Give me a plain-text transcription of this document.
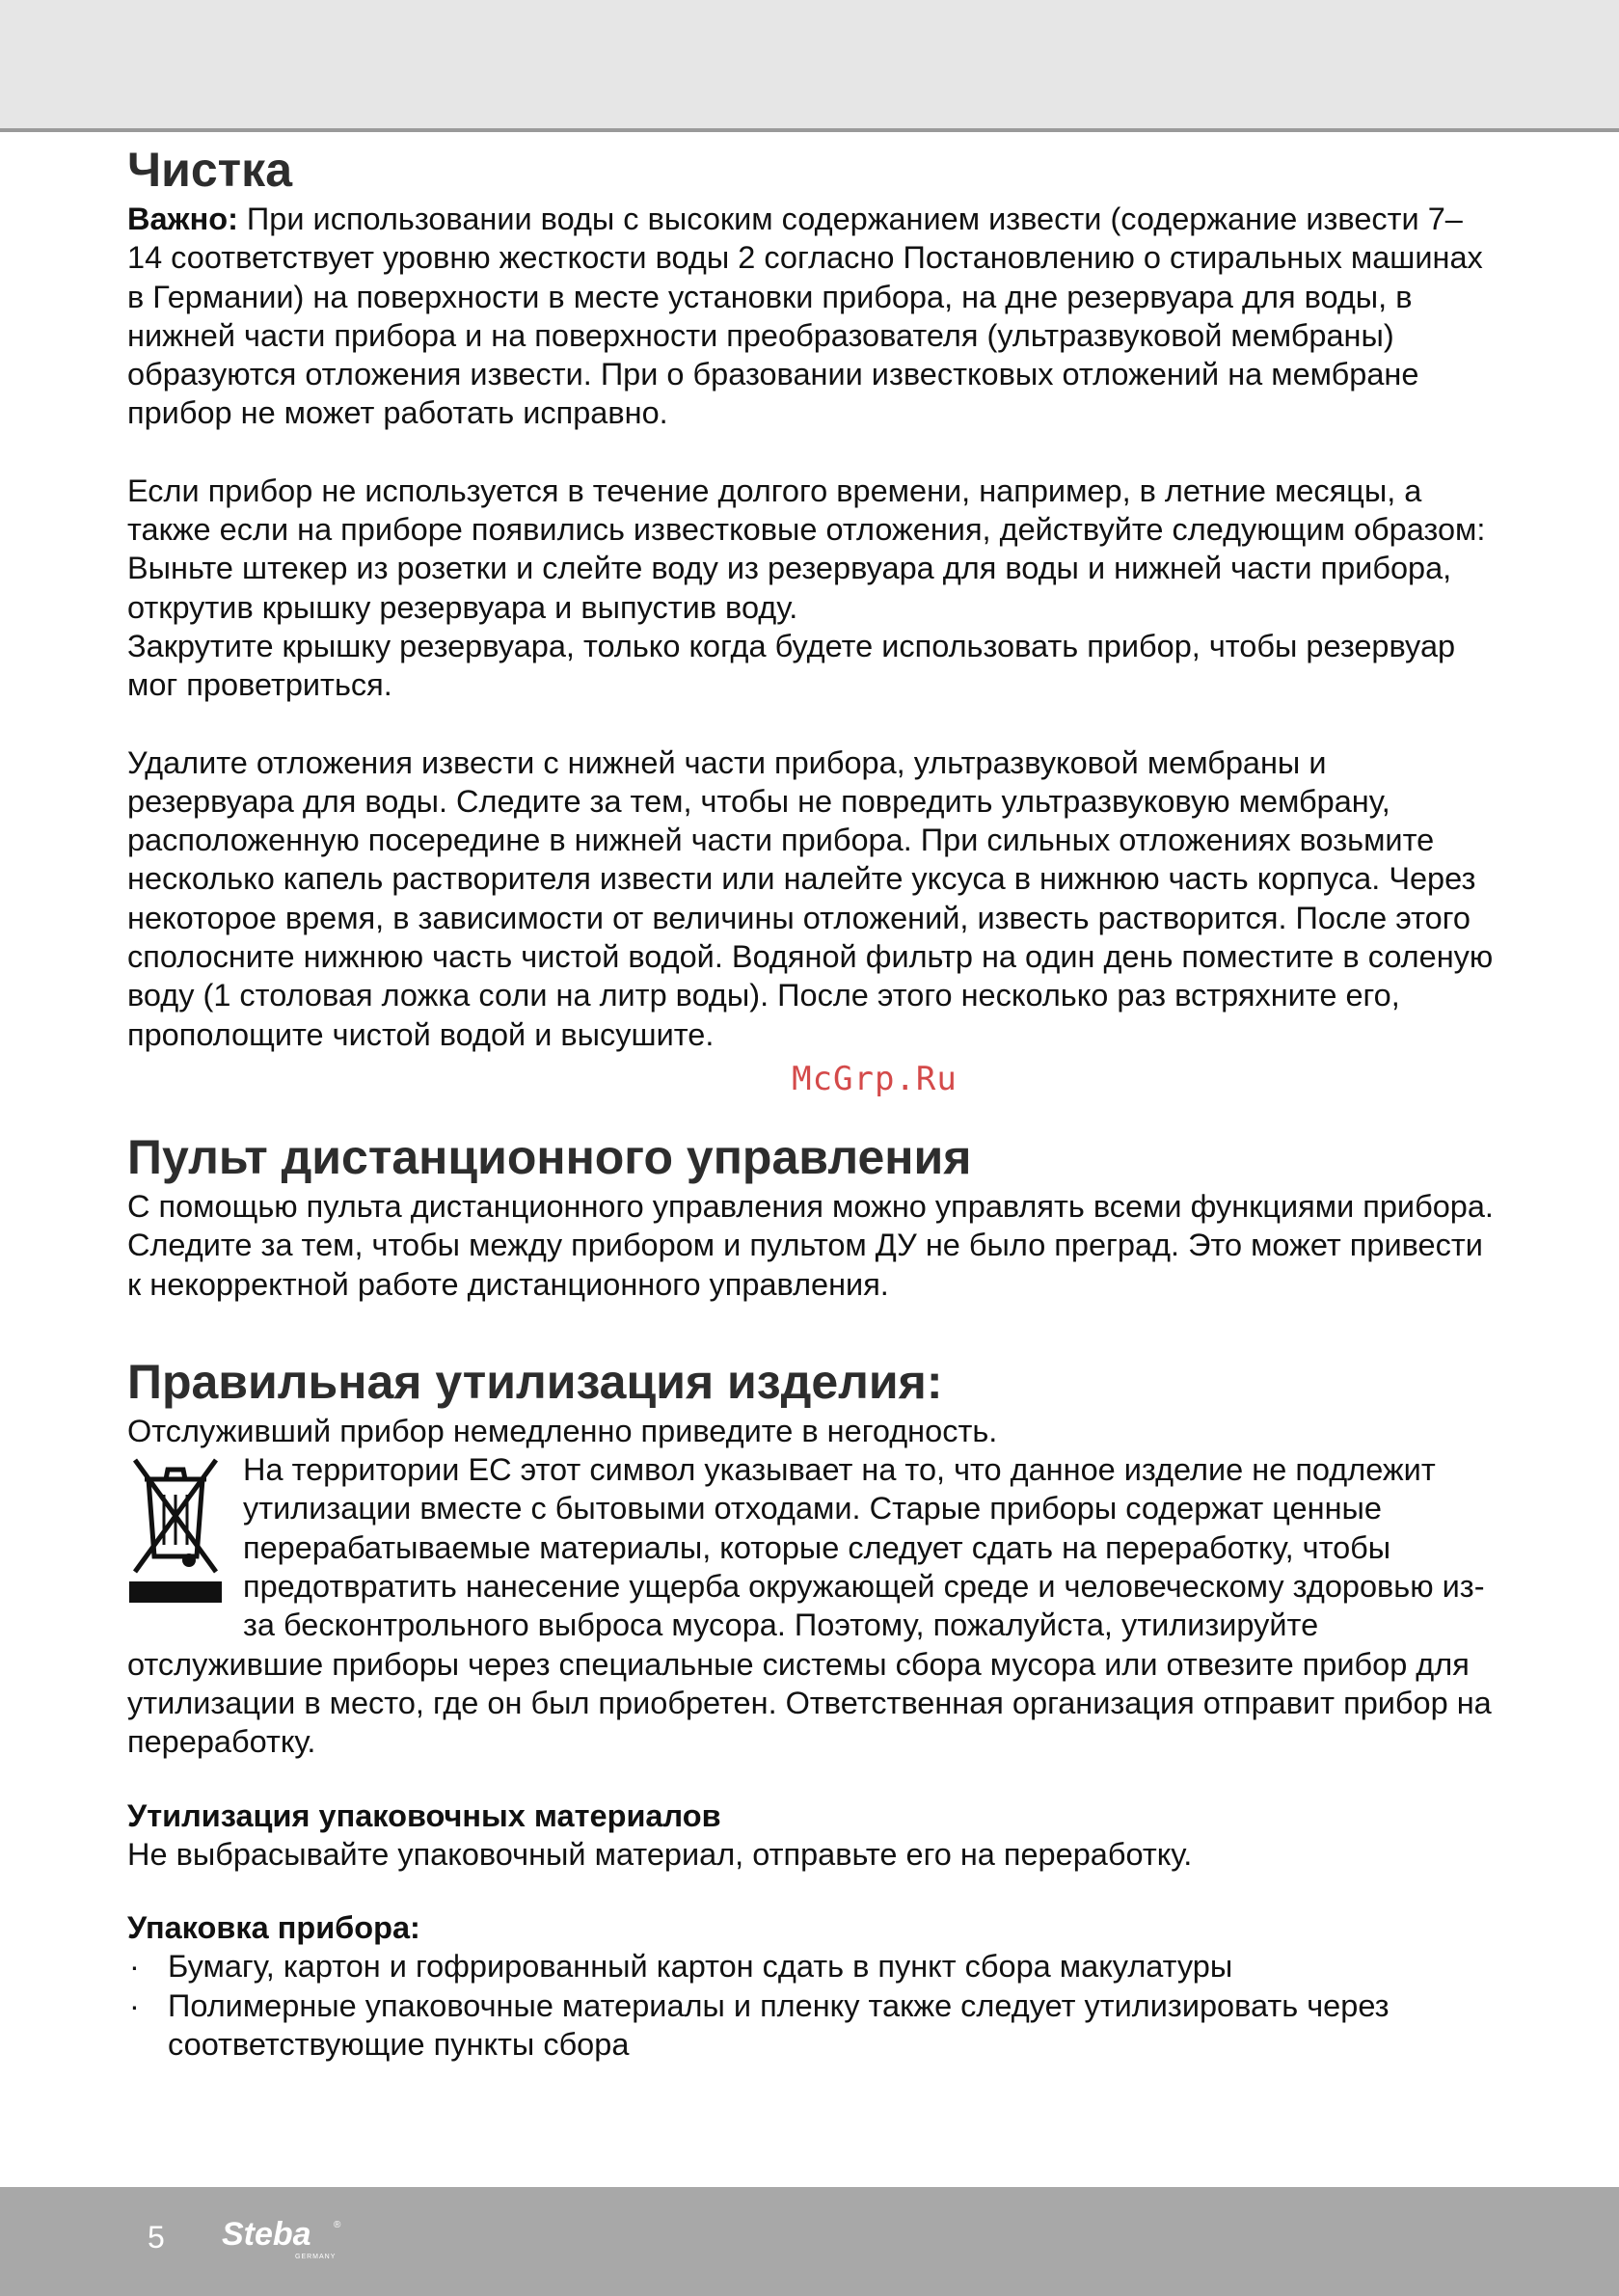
Чистка

Важно: При использовании воды с высоким содержанием извести (содержание извести 7–14 соответствует уровню жесткости воды 2 согласно Постановлению о стиральных машинах в Германии) на поверхности в месте установки прибора, на дне резервуара для воды, в нижней части прибора и на поверхности преобразователя (ультразвуковой мембраны) образуются отложения извести. При о бразовании известковых отложений на мембране прибор не может работать исправно.

Если прибор не используется в течение долгого времени, например, в летние месяцы, а также если на приборе появились известковые отложения, действуйте следующим образом:

Выньте штекер из розетки и слейте воду из резервуара для воды и нижней части прибора, открутив крышку резервуара и выпустив воду.

Закрутите крышку резервуара, только когда будете использовать прибор, чтобы резервуар мог проветриться.

Удалите отложения извести с нижней части прибора, ультразвуковой мембраны и резервуара для воды. Следите за тем, чтобы не повредить ультразвуковую мембрану, расположенную посередине в нижней части прибора. При сильных отложениях возьмите несколько капель растворителя извести или налейте уксуса в нижнюю часть корпуса. Через некоторое время, в зависимости от величины отложений, известь растворится. После этого сполосните нижнюю часть чистой водой. Водяной фильтр на один день поместите в соленую воду (1 столовая ложка соли на литр воды). После этого несколько раз встряхните его, прополощите чистой водой и высушите.

McGrp.Ru
Пульт дистанционного управления

С помощью пульта дистанционного управления можно управлять всеми функциями прибора. Следите за тем, чтобы между прибором и пультом ДУ не было преград. Это может привести к некорректной работе дистанционного управления.

Правильная утилизация изделия:

Отслуживший прибор немедленно приведите в негодность.

На территории ЕС этот символ указывает на то, что данное изделие не подлежит утилизации вместе с бытовыми отходами. Старые приборы содержат ценные перерабатываемые материалы, которые следует сдать на переработку, чтобы предотвратить нанесение ущерба окружающей среде и человеческому здоровью из-за бесконтрольного выброса мусора. Поэтому, пожалуйста, утилизируйте отслужившие приборы через специальные системы сбора мусора или отвезите прибор для утилизации в место, где он был приобретен. Ответственная организация отправит прибор на переработку.

Утилизация упаковочных материалов

Не выбрасывайте упаковочный материал, отправьте его на переработку.

Упаковка прибора:

· Бумагу, картон и гофрированный картон сдать в пункт сбора макулатуры
· Полимерные упаковочные материалы и пленку также следует утилизировать через соответствующие пункты сбора
5 Steba ®
GERMANY
